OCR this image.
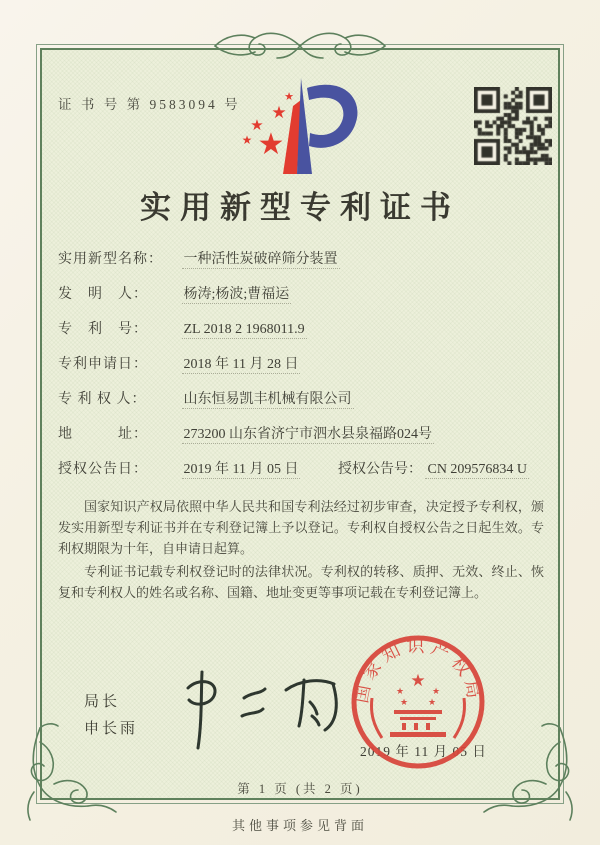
证 书 号 第 9583094 号
★
★
★
★
★
实用新型专利证书
实用新型名称： 一种活性炭破碎筛分装置
发　明　人：	杨涛;杨波;曹福运
专　利　号：	ZL 2018 2 1968011.9
专利申请日：	2018 年 11 月 28 日
专 利 权 人：	山东恒易凯丰机械有限公司
地　　　址：	273200 山东省济宁市泗水县泉福路024号
授权公告日：	2019 年 11 月 05 日	授权公告号： CN 209576834 U

国家知识产权局依照中华人民共和国专利法经过初步审查，决定授予专利权，颁发实用新型专利证书并在专利登记簿上予以登记。专利权自授权公告之日起生效。专利权期限为十年，自申请日起算。

专利证书记载专利权登记时的法律状况。专利权的转移、质押、无效、终止、恢复和专利权人的姓名或名称、国籍、地址变更等事项记载在专利登记簿上。

局长
申长雨
2019 年 11 月 05 日
国家知识产权局
★
★	★
★ ★
第 1 页 (共 2 页)
其他事项参见背面
